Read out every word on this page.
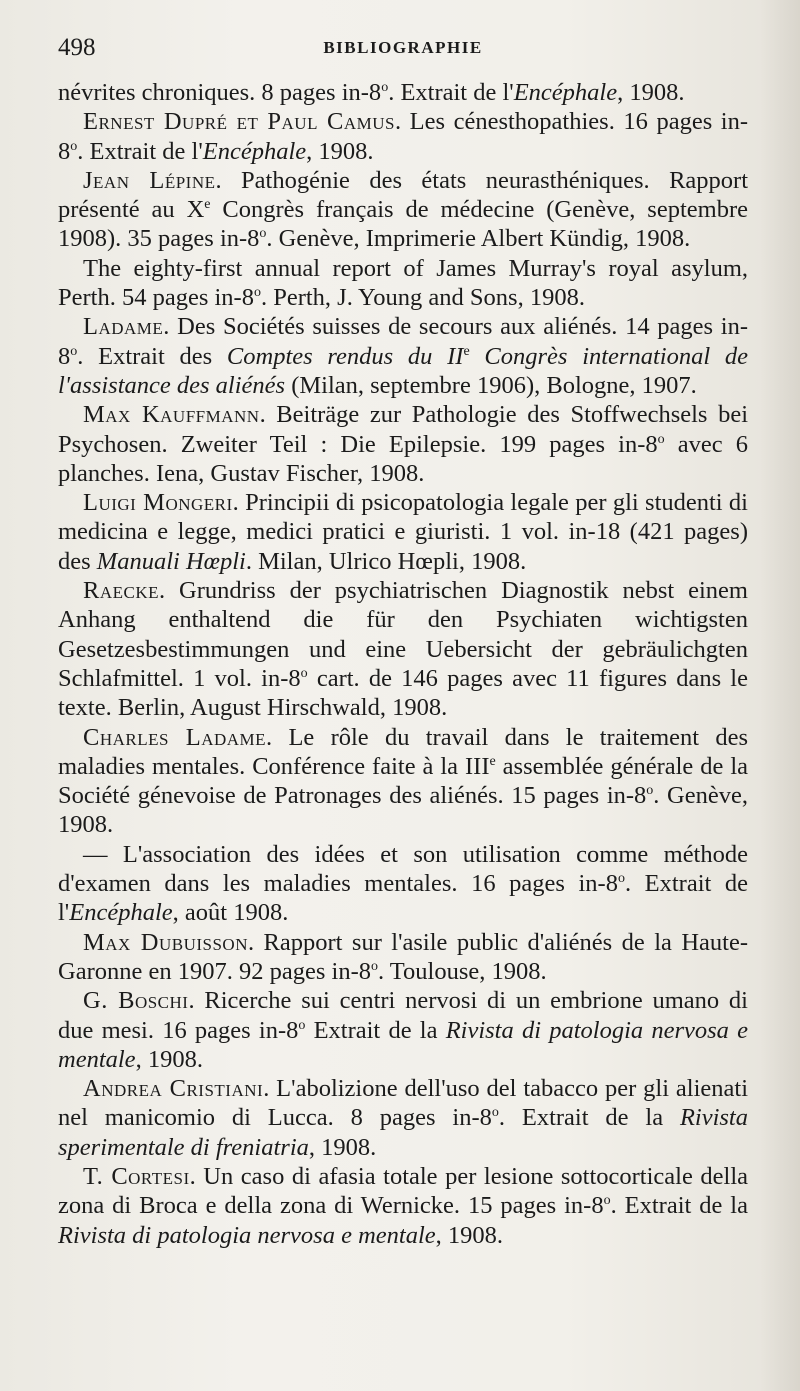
498	BIBLIOGRAPHIE

névrites chroniques. 8 pages in-8$^o$. Extrait de l'Encéphale, 1908.

Ernest Dupré et Paul Camus. Les cénesthopathies. 16 pages in-8$^o$. Extrait de l'Encéphale, 1908.

Jean Lépine. Pathogénie des états neurasthéniques. Rapport présenté au Xe Congrès français de médecine (Genève, septembre 1908). 35 pages in-8$^o$. Genève, Imprimerie Albert Kündig, 1908.

The eighty-first annual report of James Murray's royal asylum, Perth. 54 pages in-8$^o$. Perth, J. Young and Sons, 1908.

Ladame. Des Sociétés suisses de secours aux aliénés. 14 pages in-8$^o$. Extrait des Comptes rendus du IIe Congrès international de l'assistance des aliénés (Milan, septembre 1906), Bologne, 1907.

Max Kauffmann. Beiträge zur Pathologie des Stoffwechsels bei Psychosen. Zweiter Teil : Die Epilepsie. 199 pages in-8$^o$ avec 6 planches. Iena, Gustav Fischer, 1908.

Luigi Mongeri. Principii di psicopatologia legale per gli studenti di medicina e legge, medici pratici e giuristi. 1 vol. in-18 (421 pages) des Manuali Hœpli. Milan, Ulrico Hœpli, 1908.

Raecke. Grundriss der psychiatrischen Diagnostik nebst einem Anhang enthaltend die für den Psychiaten wichtigsten Gesetzesbestimmungen und eine Uebersicht der gebräulichgten Schlafmittel. 1 vol. in-8$^o$ cart. de 146 pages avec 11 figures dans le texte. Berlin, August Hirschwald, 1908.

Charles Ladame. Le rôle du travail dans le traitement des maladies mentales. Conférence faite à la IIIe assemblée générale de la Société génevoise de Patronages des aliénés. 15 pages in-8$^o$. Genève, 1908.

— L'association des idées et son utilisation comme méthode d'examen dans les maladies mentales. 16 pages in-8$^o$. Extrait de l'Encéphale, août 1908.

Max Dubuisson. Rapport sur l'asile public d'aliénés de la Haute-Garonne en 1907. 92 pages in-8$^o$. Toulouse, 1908.

G. Boschi. Ricerche sui centri nervosi di un embrione umano di due mesi. 16 pages in-8$^o$ Extrait de la Rivista di patologia nervosa e mentale, 1908.

Andrea Cristiani. L'abolizione dell'uso del tabacco per gli alienati nel manicomio di Lucca. 8 pages in-8$^o$. Extrait de la Rivista sperimentale di freniatria, 1908.

T. Cortesi. Un caso di afasia totale per lesione sottocorticale della zona di Broca e della zona di Wernicke. 15 pages in-8$^o$. Extrait de la Rivista di patologia nervosa e mentale, 1908.
